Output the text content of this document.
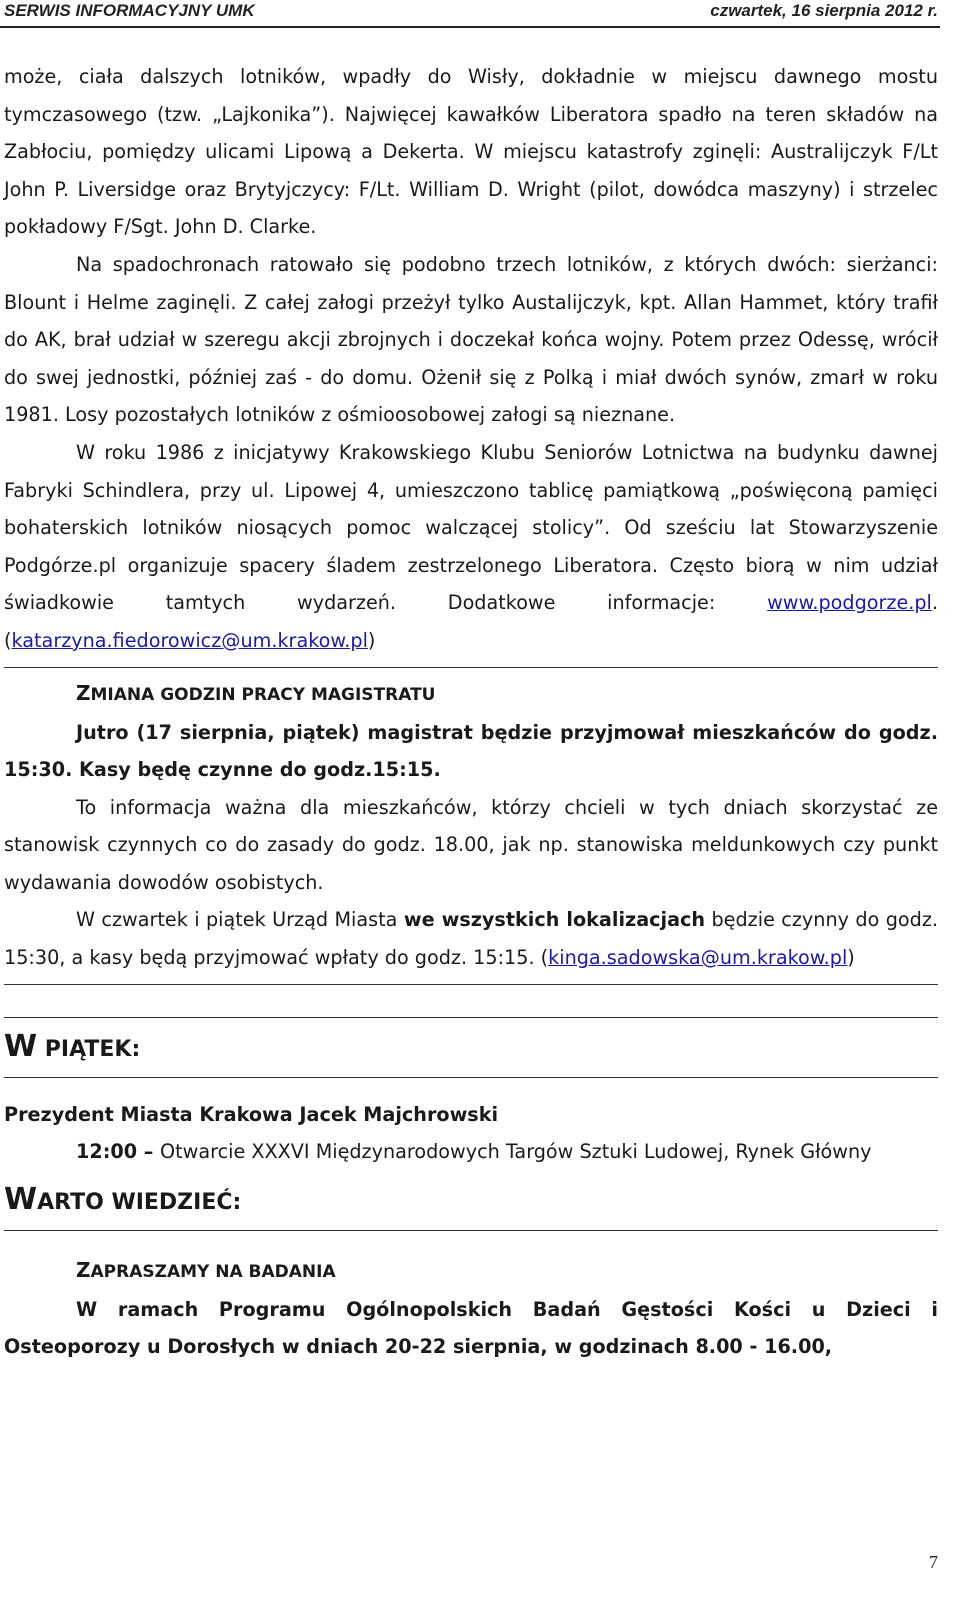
SERWIS INFORMACYJNY UMK	czwartek, 16 sierpnia 2012 r.

może, ciała dalszych lotników, wpadły do Wisły, dokładnie w miejscu dawnego mostu tymczasowego (tzw. „Lajkonika”). Najwięcej kawałków Liberatora spadło na teren składów na Zabłociu, pomiędzy ulicami Lipową a Dekerta. W miejscu katastrofy zginęli: Australijczyk F/Lt John P. Liversidge oraz Brytyjczycy: F/Lt. William D. Wright (pilot, dowódca maszyny) i strzelec pokładowy F/Sgt. John D. Clarke.

Na spadochronach ratowało się podobno trzech lotników, z których dwóch: sierżanci: Blount i Helme zaginęli. Z całej załogi przeżył tylko Austalijczyk, kpt. Allan Hammet, który trafił do AK, brał udział w szeregu akcji zbrojnych i doczekał końca wojny. Potem przez Odessę, wrócił do swej jednostki, później zaś - do domu. Ożenił się z Polką i miał dwóch synów, zmarł w roku 1981. Losy pozostałych lotników z ośmioosobowej załogi są nieznane.

W roku 1986 z inicjatywy Krakowskiego Klubu Seniorów Lotnictwa na budynku dawnej Fabryki Schindlera, przy ul. Lipowej 4, umieszczono tablicę pamiątkową „poświęconą pamięci bohaterskich lotników niosących pomoc walczącej stolicy”. Od sześciu lat Stowarzyszenie Podgórze.pl organizuje spacery śladem zestrzelonego Liberatora. Często biorą w nim udział świadkowie tamtych wydarzeń. Dodatkowe informacje: www.podgorze.pl. (katarzyna.fiedorowicz@um.krakow.pl)

ZMIANA GODZIN PRACY MAGISTRATU

Jutro (17 sierpnia, piątek) magistrat będzie przyjmował mieszkańców do godz. 15:30. Kasy będę czynne do godz.15:15.

To informacja ważna dla mieszkańców, którzy chcieli w tych dniach skorzystać ze stanowisk czynnych co do zasady do godz. 18.00, jak np. stanowiska meldunkowych czy punkt wydawania dowodów osobistych.

W czwartek i piątek Urząd Miasta we wszystkich lokalizacjach będzie czynny do godz. 15:30, a kasy będą przyjmować wpłaty do godz. 15:15. (kinga.sadowska@um.krakow.pl)

W PIĄTEK:

Prezydent Miasta Krakowa Jacek Majchrowski

12:00 – Otwarcie XXXVI Międzynarodowych Targów Sztuki Ludowej, Rynek Główny

WARTO WIEDZIEĆ:

ZAPRASZAMY NA BADANIA

W ramach Programu Ogólnopolskich Badań Gęstości Kości u Dzieci i Osteoporozy u Dorosłych w dniach 20-22 sierpnia, w godzinach 8.00 - 16.00,

7
